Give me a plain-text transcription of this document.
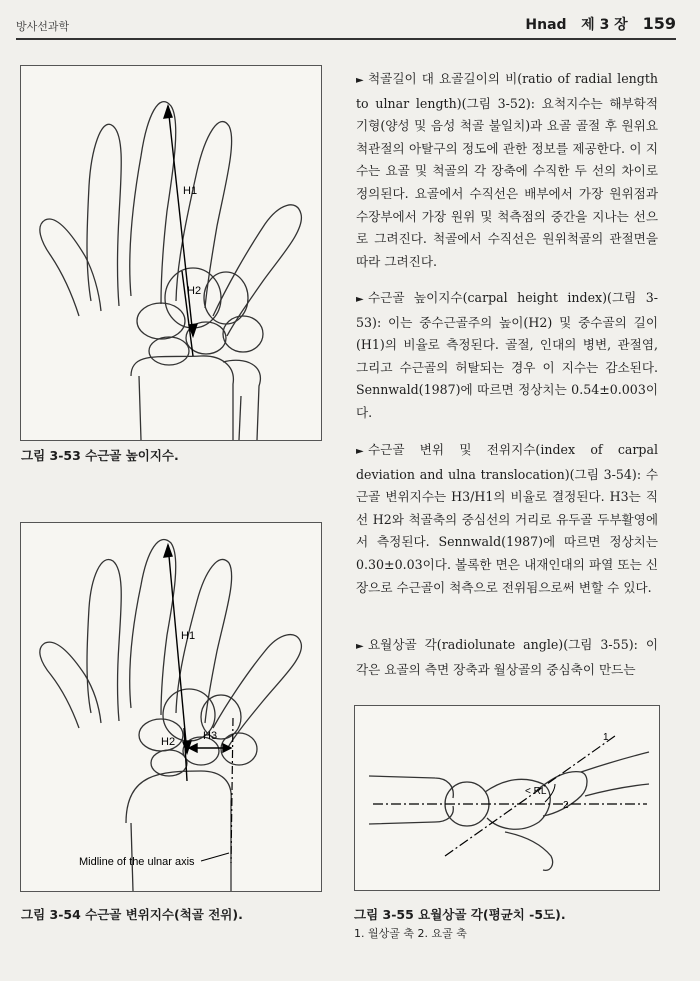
방사선과학	Hnad 제 3 장 159
H1
H2
그림 3-53 수근골 높이지수.
H1
H2	H3
Midline of the ulnar axis
그림 3-54 수근골 변위지수(척골 전위).
< RL
1
2
그림 3-55 요월상골 각(평균치 -5도).
1. 월상골 축 2. 요골 축

► 척골길이 대 요골길이의 비(ratio of radial length to ulnar length)(그림 3-52): 요척지수는 해부학적 기형(양성 및 음성 척골 불일치)과 요골 골절 후 원위요척관절의 아탈구의 정도에 관한 정보를 제공한다. 이 지수는 요골 및 척골의 각 장축에 수직한 두 선의 차이로 정의된다. 요골에서 수직선은 배부에서 가장 원위점과 수장부에서 가장 원위 및 척측점의 중간을 지나는 선으로 그려진다. 척골에서 수직선은 원위척골의 관절면을 따라 그려진다.

► 수근골 높이지수(carpal height index)(그림 3-53): 이는 중수근골주의 높이(H2) 및 중수골의 길이(H1)의 비율로 측정된다. 골절, 인대의 병변, 관절염, 그리고 수근골의 허탈되는 경우 이 지수는 감소된다. Sennwald(1987)에 따르면 정상치는 0.54±0.003이다.

► 수근골 변위 및 전위지수(index of carpal deviation and ulna translocation)(그림 3-54): 수근골 변위지수는 H3/H1의 비율로 결정된다. H3는 직선 H2와 척골축의 중심선의 거리로 유두골 두부활영에서 측정된다. Sennwald(1987)에 따르면 정상치는 0.30±0.03이다. 볼록한 면은 내재인대의 파열 또는 신장으로 수근골이 척측으로 전위됨으로써 변할 수 있다.

► 요월상골 각(radiolunate angle)(그림 3-55): 이 각은 요골의 측면 장축과 월상골의 중심축이 만드는
